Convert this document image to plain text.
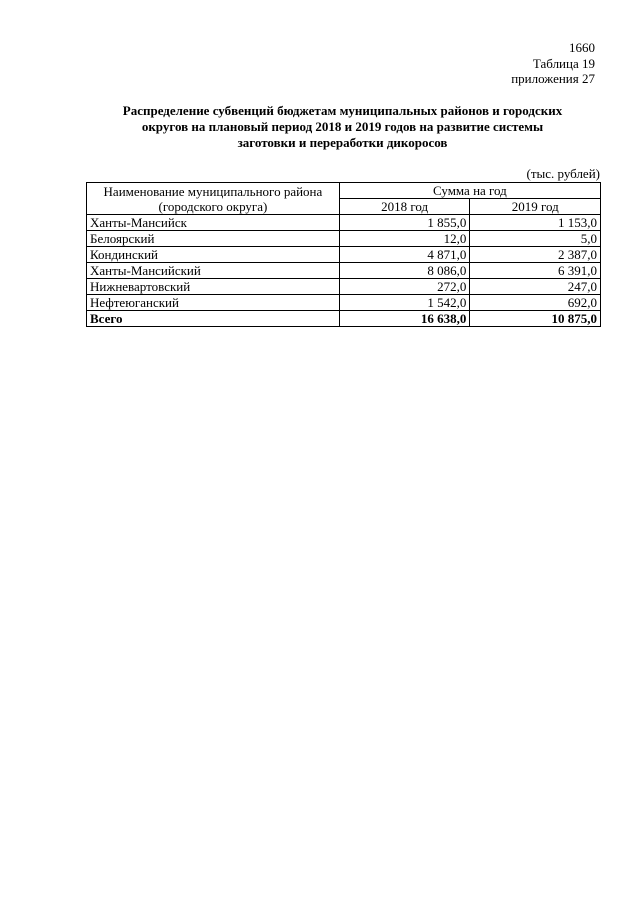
1660
Таблица 19
приложения 27
Распределение субвенций бюджетам муниципальных районов и городских
округов на плановый период 2018 и 2019 годов на развитие системы
заготовки и переработки дикоросов
(тыс. рублей)
Наименование муниципального района
(городского округа)	Сумма на год	
	2018 год	2019 год
Ханты-Мансийск	1 855,0	1 153,0
Белоярский	12,0	5,0
Кондинский	4 871,0	2 387,0
Ханты-Мансийский	8 086,0	6 391,0
Нижневартовский	272,0	247,0
Нефтеюганский	1 542,0	692,0
Всего	16 638,0	10 875,0
